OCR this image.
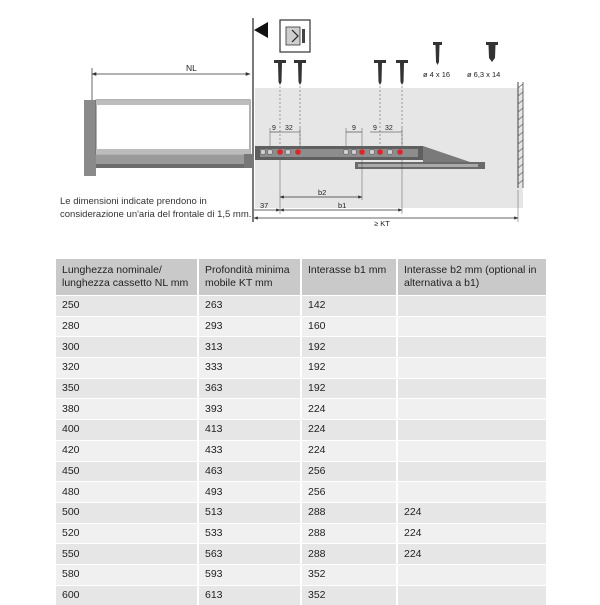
NL
9 32	9 9 32
b2
b1
37
≥ KT
ø 4 x 16 ø 6,3 x 14
Le dimensioni indicate prendono in considerazione un'aria del frontale di 1,5 mm.
Lunghezza nominale/ lunghezza cassetto NL mm	Profondità minima mobile KT mm	Interasse b1 mm	Interasse b2 mm (optional in alternativa a b1)
250	263	142	
280	293	160	
300	313	192	
320	333	192	
350	363	192	
380	393	224	
400	413	224	
420	433	224	
450	463	256	
480	493	256	
500	513	288	224
520	533	288	224
550	563	288	224
580	593	352	
600	613	352	
